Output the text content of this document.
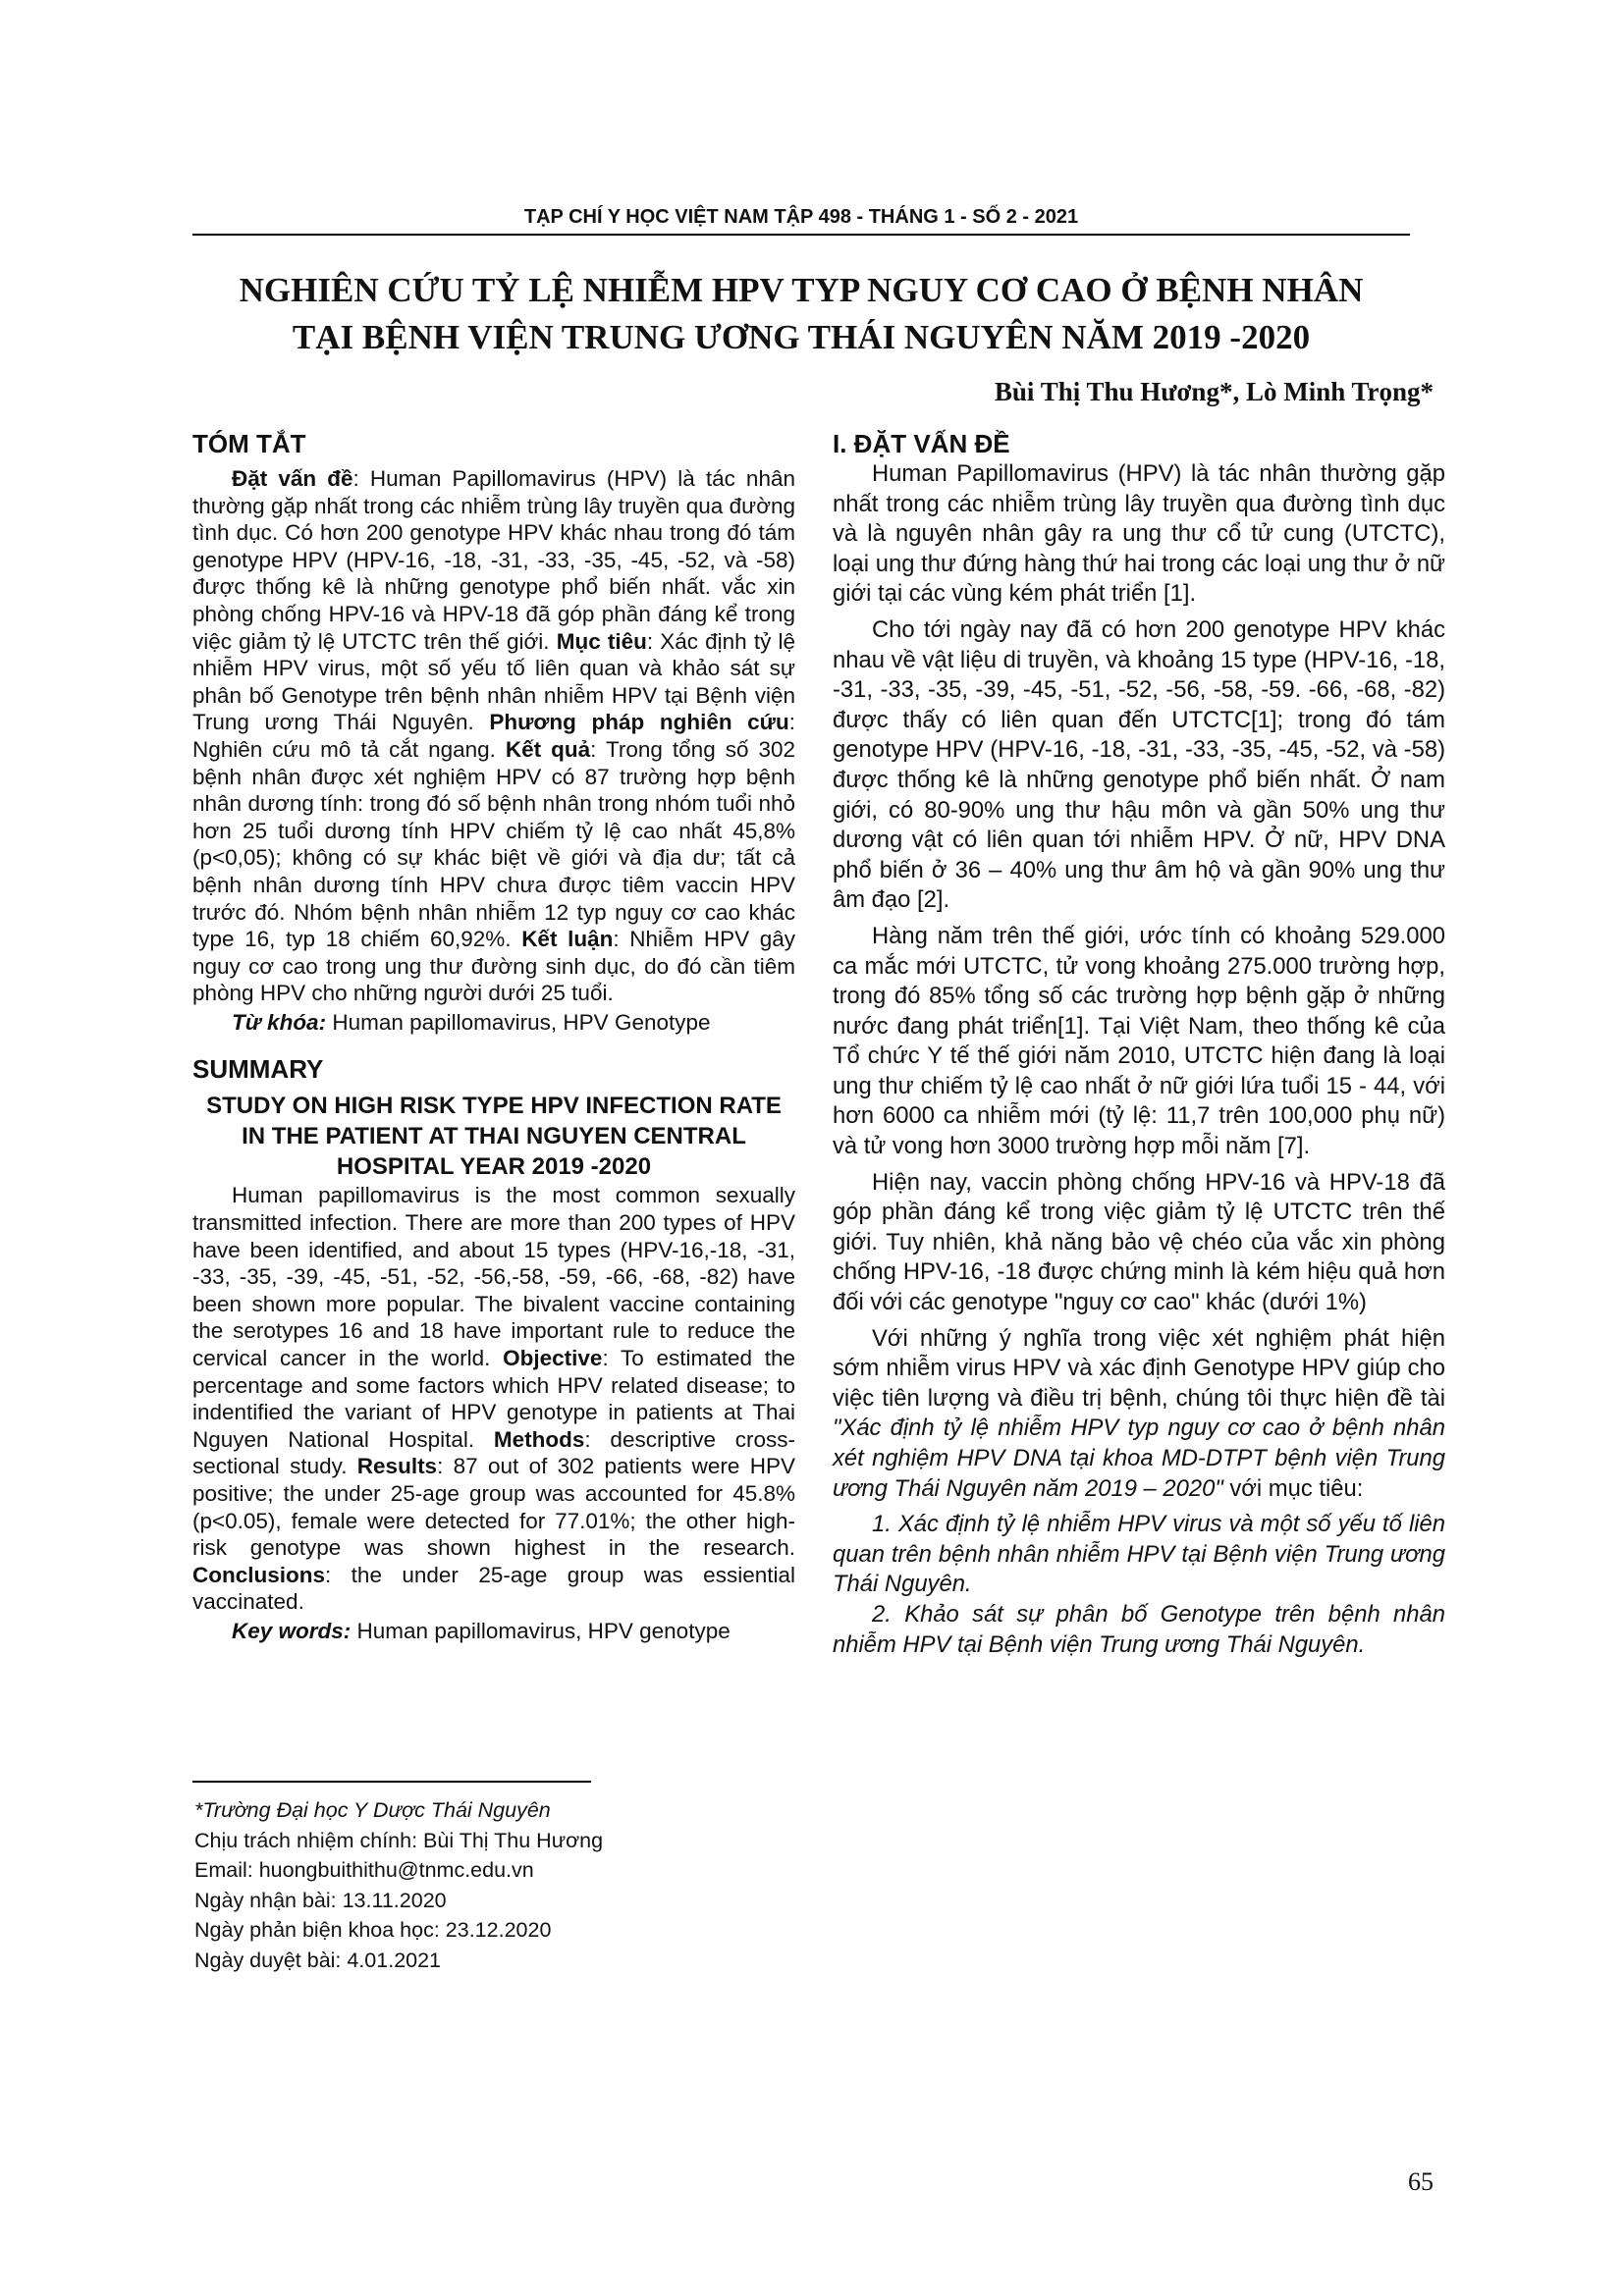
TẠP CHÍ Y HỌC VIỆT NAM TẬP 498 - THÁNG 1 - SỐ 2 - 2021
NGHIÊN CỨU TỶ LỆ NHIỄM HPV TYP NGUY CƠ CAO Ở BỆNH NHÂN
TẠI BỆNH VIỆN TRUNG ƯƠNG THÁI NGUYÊN NĂM 2019 -2020
Bùi Thị Thu Hương*, Lò Minh Trọng*
TÓM TẮT

Đặt vấn đề: Human Papillomavirus (HPV) là tác nhân thường gặp nhất trong các nhiễm trùng lây truyền qua đường tình dục. Có hơn 200 genotype HPV khác nhau trong đó tám genotype HPV (HPV-16, -18, -31, -33, -35, -45, -52, và -58) được thống kê là những genotype phổ biến nhất. vắc xin phòng chống HPV-16 và HPV-18 đã góp phần đáng kể trong việc giảm tỷ lệ UTCTC trên thế giới. Mục tiêu: Xác định tỷ lệ nhiễm HPV virus, một số yếu tố liên quan và khảo sát sự phân bố Genotype trên bệnh nhân nhiễm HPV tại Bệnh viện Trung ương Thái Nguyên. Phương pháp nghiên cứu: Nghiên cứu mô tả cắt ngang. Kết quả: Trong tổng số 302 bệnh nhân được xét nghiệm HPV có 87 trường hợp bệnh nhân dương tính: trong đó số bệnh nhân trong nhóm tuổi nhỏ hơn 25 tuổi dương tính HPV chiếm tỷ lệ cao nhất 45,8% (p<0,05); không có sự khác biệt về giới và địa dư; tất cả bệnh nhân dương tính HPV chưa được tiêm vaccin HPV trước đó. Nhóm bệnh nhân nhiễm 12 typ nguy cơ cao khác type 16, typ 18 chiếm 60,92%. Kết luận: Nhiễm HPV gây nguy cơ cao trong ung thư đường sinh dục, do đó cần tiêm phòng HPV cho những người dưới 25 tuổi.

Từ khóa: Human papillomavirus, HPV Genotype

SUMMARY
STUDY ON HIGH RISK TYPE HPV INFECTION RATE IN THE PATIENT AT THAI NGUYEN CENTRAL HOSPITAL YEAR 2019 -2020

Human papillomavirus is the most common sexually transmitted infection. There are more than 200 types of HPV have been identified, and about 15 types (HPV-16,-18, -31, -33, -35, -39, -45, -51, -52, -56,-58, -59, -66, -68, -82) have been shown more popular. The bivalent vaccine containing the serotypes 16 and 18 have important rule to reduce the cervical cancer in the world. Objective: To estimated the percentage and some factors which HPV related disease; to indentified the variant of HPV genotype in patients at Thai Nguyen National Hospital. Methods: descriptive cross-sectional study. Results: 87 out of 302 patients were HPV positive; the under 25-age group was accounted for 45.8% (p<0.05), female were detected for 77.01%; the other high-risk genotype was shown highest in the research. Conclusions: the under 25-age group was essiential vaccinated.

Key words: Human papillomavirus, HPV genotype

I. ĐẶT VẤN ĐỀ

Human Papillomavirus (HPV) là tác nhân thường gặp nhất trong các nhiễm trùng lây truyền qua đường tình dục và là nguyên nhân gây ra ung thư cổ tử cung (UTCTC), loại ung thư đứng hàng thứ hai trong các loại ung thư ở nữ giới tại các vùng kém phát triển [1].

Cho tới ngày nay đã có hơn 200 genotype HPV khác nhau về vật liệu di truyền, và khoảng 15 type (HPV-16, -18, -31, -33, -35, -39, -45, -51, -52, -56, -58, -59. -66, -68, -82) được thấy có liên quan đến UTCTC[1]; trong đó tám genotype HPV (HPV-16, -18, -31, -33, -35, -45, -52, và -58) được thống kê là những genotype phổ biến nhất. Ở nam giới, có 80-90% ung thư hậu môn và gần 50% ung thư dương vật có liên quan tới nhiễm HPV. Ở nữ, HPV DNA phổ biến ở 36 – 40% ung thư âm hộ và gần 90% ung thư âm đạo [2].

Hàng năm trên thế giới, ước tính có khoảng 529.000 ca mắc mới UTCTC, tử vong khoảng 275.000 trường hợp, trong đó 85% tổng số các trường hợp bệnh gặp ở những nước đang phát triển[1]. Tại Việt Nam, theo thống kê của Tổ chức Y tế thế giới năm 2010, UTCTC hiện đang là loại ung thư chiếm tỷ lệ cao nhất ở nữ giới lứa tuổi 15 - 44, với hơn 6000 ca nhiễm mới (tỷ lệ: 11,7 trên 100,000 phụ nữ) và tử vong hơn 3000 trường hợp mỗi năm [7].

Hiện nay, vaccin phòng chống HPV-16 và HPV-18 đã góp phần đáng kể trong việc giảm tỷ lệ UTCTC trên thế giới. Tuy nhiên, khả năng bảo vệ chéo của vắc xin phòng chống HPV-16, -18 được chứng minh là kém hiệu quả hơn đối với các genotype "nguy cơ cao" khác (dưới 1%)

Với những ý nghĩa trong việc xét nghiệm phát hiện sớm nhiễm virus HPV và xác định Genotype HPV giúp cho việc tiên lượng và điều trị bệnh, chúng tôi thực hiện đề tài "Xác định tỷ lệ nhiễm HPV typ nguy cơ cao ở bệnh nhân xét nghiệm HPV DNA tại khoa MD-DTPT bệnh viện Trung ương Thái Nguyên năm 2019 – 2020" với mục tiêu:

1. Xác định tỷ lệ nhiễm HPV virus và một số yếu tố liên quan trên bệnh nhân nhiễm HPV tại Bệnh viện Trung ương Thái Nguyên.

2. Khảo sát sự phân bố Genotype trên bệnh nhân nhiễm HPV tại Bệnh viện Trung ương Thái Nguyên.

*Trường Đại học Y Dược Thái Nguyên
Chịu trách nhiệm chính: Bùi Thị Thu Hương
Email: huongbuithithu@tnmc.edu.vn
Ngày nhận bài: 13.11.2020
Ngày phản biện khoa học: 23.12.2020
Ngày duyệt bài: 4.01.2021
65
